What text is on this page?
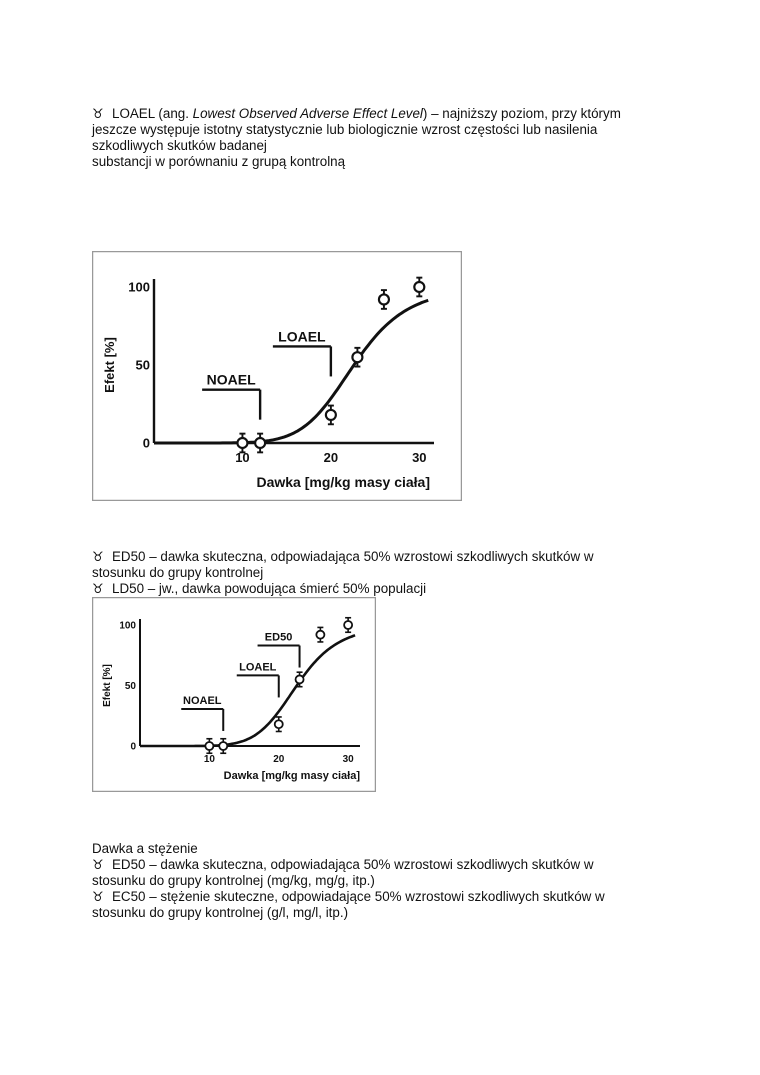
♉ LOAEL (ang. Lowest Observed Adverse Effect Level) – najniższy poziom, przy którym
jeszcze występuje istotny statystycznie lub biologicznie wzrost częstości lub nasilenia
szkodliwych skutków badanej
substancji w porównaniu z grupą kontrolną
0
50
100
10	20	30
Efekt [%]
Dawka [mg/kg masy ciała]
NOAEL
LOAEL
♉ ED50 – dawka skuteczna, odpowiadająca 50% wzrostowi szkodliwych skutków w
stosunku do grupy kontrolnej
♉ LD50 – jw., dawka powodująca śmierć 50% populacji
0
50
100
10	20	30
Efekt [%]
Dawka [mg/kg masy ciała]
NOAEL
LOAEL
ED50
Dawka a stężenie
♉ ED50 – dawka skuteczna, odpowiadająca 50% wzrostowi szkodliwych skutków w
stosunku do grupy kontrolnej (mg/kg, mg/g, itp.)
♉ EC50 – stężenie skuteczne, odpowiadające 50% wzrostowi szkodliwych skutków w
stosunku do grupy kontrolnej (g/l, mg/l, itp.)
